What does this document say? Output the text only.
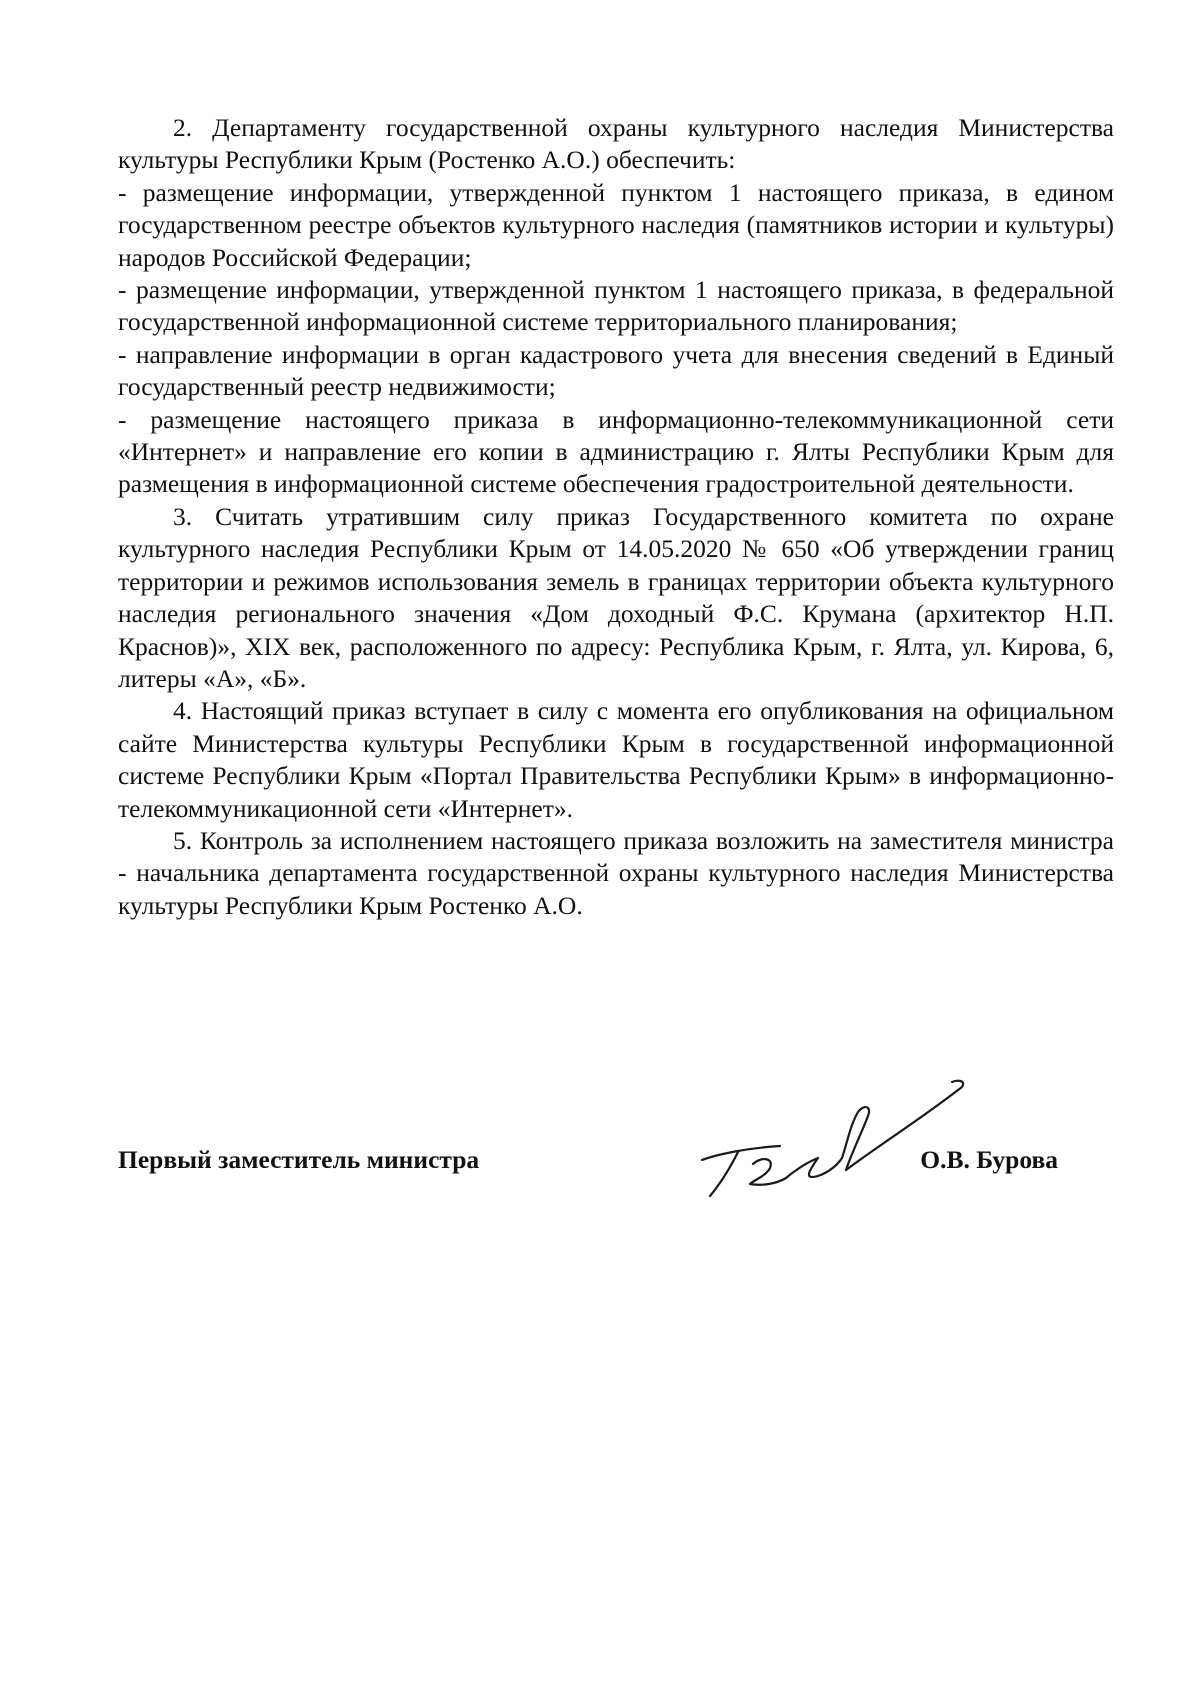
2. Департаменту государственной охраны культурного наследия Министерства культуры Республики Крым (Ростенко А.О.) обеспечить:

- размещение информации, утвержденной пунктом 1 настоящего приказа, в едином государственном реестре объектов культурного наследия (памятников истории и культуры) народов Российской Федерации;

- размещение информации, утвержденной пунктом 1 настоящего приказа, в федеральной государственной информационной системе территориального планирования;

- направление информации в орган кадастрового учета для внесения сведений в Единый государственный реестр недвижимости;

- размещение настоящего приказа в информационно-телекоммуникационной сети «Интернет» и направление его копии в администрацию г. Ялты Республики Крым для размещения в информационной системе обеспечения градостроительной деятельности.

3. Считать утратившим силу приказ Государственного комитета по охране культурного наследия Республики Крым от 14.05.2020 № 650 «Об утверждении границ территории и режимов использования земель в границах территории объекта культурного наследия регионального значения «Дом доходный Ф.С. Крумана (архитектор Н.П. Краснов)», XIX век, расположенного по адресу: Республика Крым, г. Ялта, ул. Кирова, 6, литеры «А», «Б».

4. Настоящий приказ вступает в силу с момента его опубликования на официальном сайте Министерства культуры Республики Крым в государственной информационной системе Республики Крым «Портал Правительства Республики Крым» в информационно-телекоммуникационной сети «Интернет».

5. Контроль за исполнением настоящего приказа возложить на заместителя министра - начальника департамента государственной охраны культурного наследия Министерства культуры Республики Крым Ростенко А.О.

Первый заместитель министра	О.В. Бурова
